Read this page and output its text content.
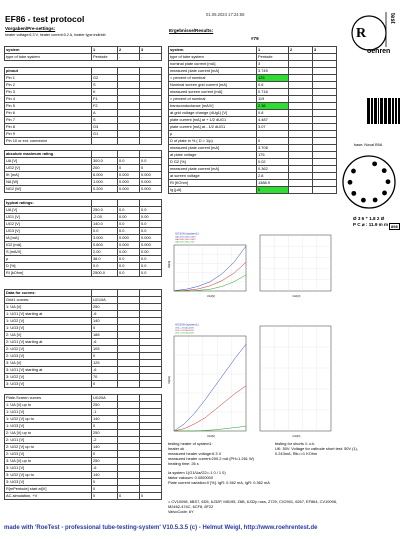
EF86 - test protocol	01.05.2024 17:24:58
Vorgaben/Pre-settings:
heater voltage:6.3 V, heater current:0.2 A, heater type:indirekt
Ergebnisse/Results:
#79	R
oehren
test
system	1	2	3
type of tube system	Pentode	-	-

pinout			
Pin 1	G2		
Pin 2	S		
Pin 3	K		
Pin 4	F1		
Pin 5	F2		
Pin 6	A		
Pin 7	S		
Pin 8	G3		
Pin 9	G1		
Pin 10 or ext. connector			

absolute maximum rating			
UA [V]	300.0	0.0	0.0
UG2 [V]	200	0	0
IK [mA]	6.000	0.000	0.000
NA [W]	1.000	0.000	0.000
NG2 [W]	0.200	0.000	0.000

typical ratings:			
UA [V]	250.0	0.0	0.0
UG1 [V]	-2.00	0.00	0.00
UG2 [V]	140.0	0.0	0.0
UG3 [V]	0.0	0.0	0.0
IA [mA]	3.000	0.000	0.000
IG2 [mA]	0.600	0.000	0.000
S [mA/V]	2.00	0.00	0.00
µ	38.0	0.0	0.0
D [%]	0.0	0.0	0.0
Ri [kOhm]	2500.0	0.0	0.0

Data for curves:			
Grid1 curves:	UG1/IA		
1: UA [V]	250		
1: UG1 [V] starting at	-6		
1: UG2 [V]	140		
1: UG3 [V]	0		
2: UA [V]	188		
2: UG1 [V] starting at	-6		
2: UG2 [V]	105		
2: UG3 [V]	0		
3: UA [V]	125		
3: UG1 [V] starting at	-6		
3: UG2 [V]	70		
3: UG3 [V]	0		

Plate-Screen curves	UG2/IA		
1: UA [V] up to	250		
1: UG1 [V]	-1		
1: UG2 [V] up to	140		
1: UG3 [V]	0		
2: UA [V] up to	250		
2: UG1 [V]	-2		
2: UG2 [V] up to	140		
2: UG3 [V]	0		
3: UA [V] up to	250		
3: UG1 [V]	-6		
3: UG2 [V] up to	140		
3: UG3 [V]	0		
R[mPentode] start at[V]	0		
AC-simulation, +V	0	0	0
system	1	2	3
type of tube system	Pentode		
nominal plate current [mA]	3		
measured plate current [mA]	3.745		
= percent of nominal	125		
Nominal screen grid current [mA]	0.6		
measured screen current [mA]	0.716		
= percent of nominal	119		
transconductance [mA/V]	2.36		
at grid voltage change (dUg1) [V]	0.8		
plate current [mA] at + 1/2 dUG1	4.487		
plate current [mA] at - 1/2 dUG1	3.07		
µ			
D of plate in % ( D = 1/µ)	0		
measured plate current [mA]	3.706		
at plate voltage	175		
D G2 [%]	0.02		
measured plate current [mA]	0.362		
at screen voltage	2.8		
Ri [KOhm]	1388.9		
Ig [µA]	0		
base: Noval B9A
Ø 3 6 ⁺ 1.8 2 Ø
P C ⌀ : 11.9 m m 898
UG1/IA (system1)
UA=250V,UG2=140V
UA=188V,UG2=105V
UA=125V,UG2=70V
IA[mA]
UG1[V]	UG1[V]
UG2/IA (system1)
UG1=-1V,UA=250V
UG1=-2V,UA=250V
UG1=-6V,UA=250V
IA[mA]
UG2[V]	UG2[V]
testing heater of system1:
heater ok
measured heater voltage:6.3 V
measured heater current:200.2 mA (PH=1.261 W)
heating time: 26 s
testing for shorts 1: o.k.
UK: 50V. Voltage for cathode short test: 50V (1),
0.243mA, Rik=>1 KOhm
Ia system 1(G1/Ua/G2=-1 0 / 1 0)
faktor vakuum: 0.0000000
Plate current variation:0 [%]. IgR: 0.362 mA, IgR: 0.362 mA
= CV10098, 6BS7, 6D5, 6J32P, M8195, Z6B, 6J32p russ, Z729, CV2901, 6267, EF864, CV10098,
M2462-474C, 6CF8, 6F22
ValvoCode: 6Y
made with 'RoeTest - professional tube-testing-system' V10.5.3.5 (c) - Helmut Weigl, http://www.roehrentest.de
